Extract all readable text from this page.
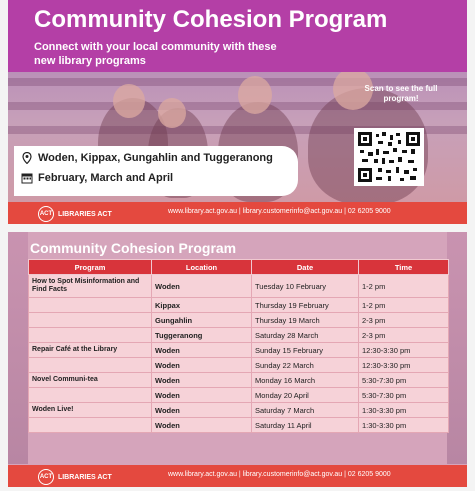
Community Cohesion Program
Connect with your local community with these new library programs
Scan to see the full program!
Woden, Kippax, Gungahlin and Tuggeranong
February, March and April
ACT LIBRARIES ACT	www.library.act.gov.au | library.customerinfo@act.gov.au | 02 6205 9000
Community Cohesion Program
Program	Location	Date	Time
How to Spot Misinformation and Find Facts	Woden	Tuesday 10 February	1-2 pm
	Kippax	Thursday 19 February	1-2 pm
	Gungahlin	Thursday 19 March	2-3 pm
	Tuggeranong	Saturday 28 March	2-3 pm
Repair Café at the Library	Woden	Sunday 15 February	12:30-3:30 pm
	Woden	Sunday 22 March	12:30-3:30 pm
Novel Communi-tea	Woden	Monday 16 March	5:30-7:30 pm
	Woden	Monday 20 April	5:30-7:30 pm
Woden Live!	Woden	Saturday 7 March	1:30-3:30 pm
	Woden	Saturday 11 April	1:30-3:30 pm
ACT LIBRARIES ACT	www.library.act.gov.au | library.customerinfo@act.gov.au | 02 6205 9000
